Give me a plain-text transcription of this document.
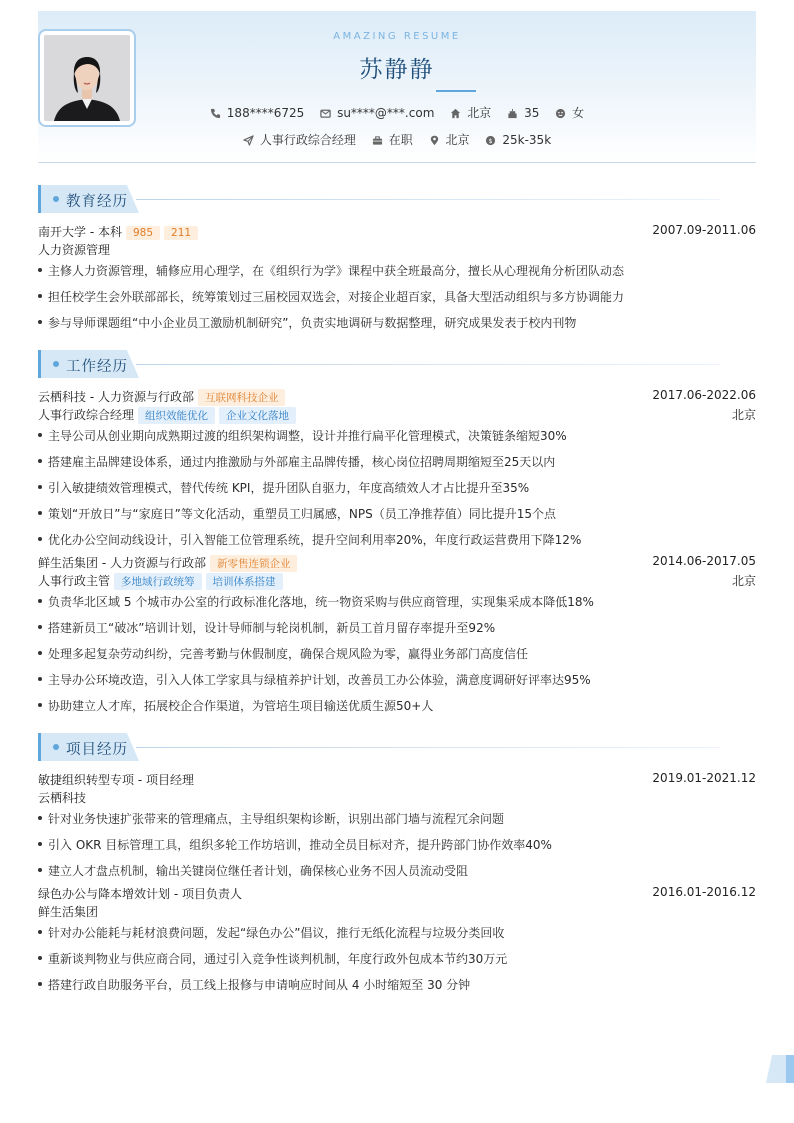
AMAZING RESUME
苏静静
188****6725	su****@***.com	北京	35	女
人事行政综合经理	在职	北京	$ 25k-35k
教育经历
南开大学 - 本科 985 211	2007.09-2011.06
人力资源管理
主修人力资源管理，辅修应用心理学，在《组织行为学》课程中获全班最高分，擅长从心理视角分析团队动态
担任校学生会外联部部长，统筹策划过三届校园双选会，对接企业超百家，具备大型活动组织与多方协调能力
参与导师课题组“中小企业员工激励机制研究”，负责实地调研与数据整理，研究成果发表于校内刊物
工作经历
云栖科技 - 人力资源与行政部 互联网科技企业	2017.06-2022.06
人事行政综合经理 组织效能优化 企业文化落地	北京
主导公司从创业期向成熟期过渡的组织架构调整，设计并推行扁平化管理模式，决策链条缩短30%
搭建雇主品牌建设体系，通过内推激励与外部雇主品牌传播，核心岗位招聘周期缩短至25天以内
引入敏捷绩效管理模式，替代传统 KPI，提升团队自驱力，年度高绩效人才占比提升至35%
策划“开放日”与“家庭日”等文化活动，重塑员工归属感，NPS（员工净推荐值）同比提升15个点
优化办公空间动线设计，引入智能工位管理系统，提升空间利用率20%，年度行政运营费用下降12%
鲜生活集团 - 人力资源与行政部 新零售连锁企业	2014.06-2017.05
人事行政主管 多地域行政统筹 培训体系搭建	北京
负责华北区域 5 个城市办公室的行政标准化落地，统一物资采购与供应商管理，实现集采成本降低18%
搭建新员工“破冰”培训计划，设计导师制与轮岗机制，新员工首月留存率提升至92%
处理多起复杂劳动纠纷，完善考勤与休假制度，确保合规风险为零，赢得业务部门高度信任
主导办公环境改造，引入人体工学家具与绿植养护计划，改善员工办公体验，满意度调研好评率达95%
协助建立人才库，拓展校企合作渠道，为管培生项目输送优质生源50+人
项目经历
敏捷组织转型专项 - 项目经理	2019.01-2021.12
云栖科技
针对业务快速扩张带来的管理痛点，主导组织架构诊断，识别出部门墙与流程冗余问题
引入 OKR 目标管理工具，组织多轮工作坊培训，推动全员目标对齐，提升跨部门协作效率40%
建立人才盘点机制，输出关键岗位继任者计划，确保核心业务不因人员流动受阻
绿色办公与降本增效计划 - 项目负责人	2016.01-2016.12
鲜生活集团
针对办公能耗与耗材浪费问题，发起“绿色办公”倡议，推行无纸化流程与垃圾分类回收
重新谈判物业与供应商合同，通过引入竞争性谈判机制，年度行政外包成本节约30万元
搭建行政自助服务平台，员工线上报修与申请响应时间从 4 小时缩短至 30 分钟
